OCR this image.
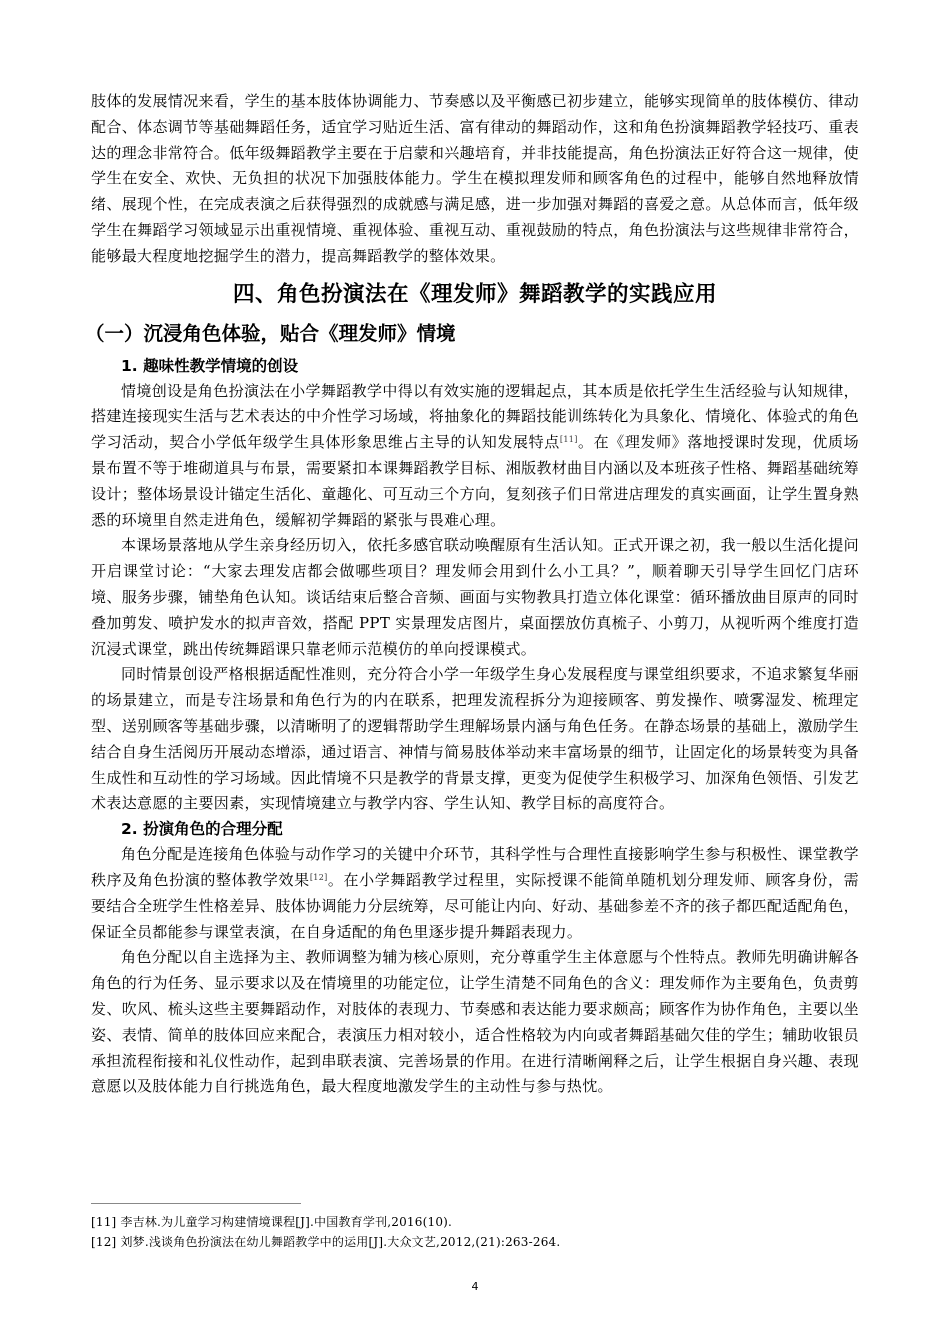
肢体的发展情况来看，学生的基本肢体协调能力、节奏感以及平衡感已初步建立，能够实现简单的肢体模仿、律动配合、体态调节等基础舞蹈任务，适宜学习贴近生活、富有律动的舞蹈动作，这和角色扮演舞蹈教学轻技巧、重表达的理念非常符合。低年级舞蹈教学主要在于启蒙和兴趣培育，并非技能提高，角色扮演法正好符合这一规律，使学生在安全、欢快、无负担的状况下加强肢体能力。学生在模拟理发师和顾客角色的过程中，能够自然地释放情绪、展现个性，在完成表演之后获得强烈的成就感与满足感，进一步加强对舞蹈的喜爱之意。从总体而言，低年级学生在舞蹈学习领域显示出重视情境、重视体验、重视互动、重视鼓励的特点，角色扮演法与这些规律非常符合，能够最大程度地挖掘学生的潜力，提高舞蹈教学的整体效果。

四、角色扮演法在《理发师》舞蹈教学的实践应用
（一）沉浸角色体验，贴合《理发师》情境
1. 趣味性教学情境的创设

情境创设是角色扮演法在小学舞蹈教学中得以有效实施的逻辑起点，其本质是依托学生生活经验与认知规律，搭建连接现实生活与艺术表达的中介性学习场域，将抽象化的舞蹈技能训练转化为具象化、情境化、体验式的角色学习活动，契合小学低年级学生具体形象思维占主导的认知发展特点[11]。在《理发师》落地授课时发现，优质场景布置不等于堆砌道具与布景，需要紧扣本课舞蹈教学目标、湘版教材曲目内涵以及本班孩子性格、舞蹈基础统筹设计；整体场景设计锚定生活化、童趣化、可互动三个方向，复刻孩子们日常进店理发的真实画面，让学生置身熟悉的环境里自然走进角色，缓解初学舞蹈的紧张与畏难心理。

本课场景落地从学生亲身经历切入，依托多感官联动唤醒原有生活认知。正式开课之初，我一般以生活化提问开启课堂讨论：“大家去理发店都会做哪些项目？理发师会用到什么小工具？”，顺着聊天引导学生回忆门店环境、服务步骤，铺垫角色认知。谈话结束后整合音频、画面与实物教具打造立体化课堂：循环播放曲目原声的同时叠加剪发、喷护发水的拟声音效，搭配 PPT 实景理发店图片，桌面摆放仿真梳子、小剪刀，从视听两个维度打造沉浸式课堂，跳出传统舞蹈课只靠老师示范模仿的单向授课模式。

同时情景创设严格根据适配性准则，充分符合小学一年级学生身心发展程度与课堂组织要求，不追求繁复华丽的场景建立，而是专注场景和角色行为的内在联系，把理发流程拆分为迎接顾客、剪发操作、喷雾湿发、梳理定型、送别顾客等基础步骤，以清晰明了的逻辑帮助学生理解场景内涵与角色任务。在静态场景的基础上，激励学生结合自身生活阅历开展动态增添，通过语言、神情与简易肢体举动来丰富场景的细节，让固定化的场景转变为具备生成性和互动性的学习场域。因此情境不只是教学的背景支撑，更变为促使学生积极学习、加深角色领悟、引发艺术表达意愿的主要因素，实现情境建立与教学内容、学生认知、教学目标的高度符合。

2. 扮演角色的合理分配

角色分配是连接角色体验与动作学习的关键中介环节，其科学性与合理性直接影响学生参与积极性、课堂教学秩序及角色扮演的整体教学效果[12]。在小学舞蹈教学过程里，实际授课不能简单随机划分理发师、顾客身份，需要结合全班学生性格差异、肢体协调能力分层统筹，尽可能让内向、好动、基础参差不齐的孩子都匹配适配角色，保证全员都能参与课堂表演，在自身适配的角色里逐步提升舞蹈表现力。

角色分配以自主选择为主、教师调整为辅为核心原则，充分尊重学生主体意愿与个性特点。教师先明确讲解各角色的行为任务、显示要求以及在情境里的功能定位，让学生清楚不同角色的含义：理发师作为主要角色，负责剪发、吹风、梳头这些主要舞蹈动作，对肢体的表现力、节奏感和表达能力要求颇高；顾客作为协作角色，主要以坐姿、表情、简单的肢体回应来配合，表演压力相对较小，适合性格较为内向或者舞蹈基础欠佳的学生；辅助收银员承担流程衔接和礼仪性动作，起到串联表演、完善场景的作用。在进行清晰阐释之后，让学生根据自身兴趣、表现意愿以及肢体能力自行挑选角色，最大程度地激发学生的主动性与参与热忱。

[11] 李吉林.为儿童学习构建情境课程[J].中国教育学刊,2016(10).
[12] 刘梦.浅谈角色扮演法在幼儿舞蹈教学中的运用[J].大众文艺,2012,(21):263-264.
4
